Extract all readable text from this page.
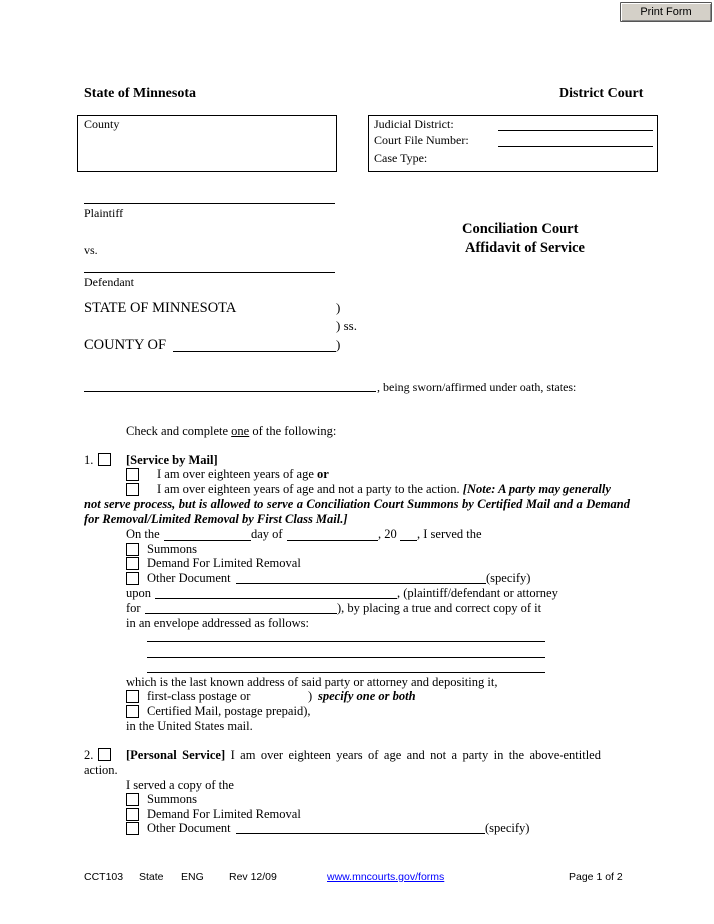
Print Form
State of Minnesota	District Court
County	Judicial District:
Court File Number:
Case Type:
Plaintiff
vs.
Defendant
Conciliation Court
Affidavit of Service
STATE OF MINNESOTA	)
) ss.
COUNTY OF	)
, being sworn/affirmed under oath, states:
Check and complete one of the following:
1.	[Service by Mail]
I am over eighteen years of age or
I am over eighteen years of age and not a party to the action. [Note: A party may generally
not serve process, but is allowed to serve a Conciliation Court Summons by Certified Mail and a Demand for Removal/Limited Removal by First Class Mail.]
On the	day of	, 20 , I served the
Summons
Demand For Limited Removal
Other Document	(specify)
upon	, (plaintiff/defendant or attorney
for	), by placing a true and correct copy of it
in an envelope addressed as follows:
which is the last known address of said party or attorney and depositing it,
first-class postage or	) specify one or both
Certified Mail, postage prepaid),
in the United States mail.
2.	[Personal Service] I am over eighteen years of age and not a party in the above-entitled
action.
I served a copy of the
Summons
Demand For Limited Removal
Other Document	(specify)
CCT103 State ENG Rev 12/09	www.mncourts.gov/forms	Page 1 of 2
